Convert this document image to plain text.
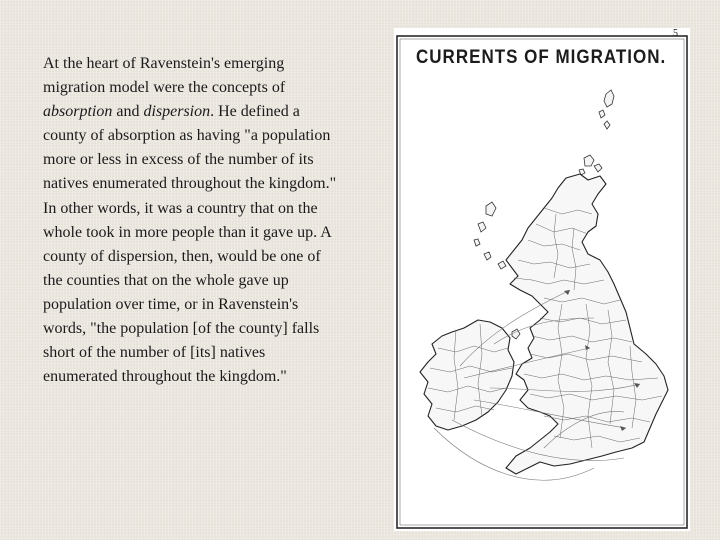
At the heart of Ravenstein's emerging migration model were the concepts of absorption and dispersion. He defined a county of absorption as having "a population more or less in excess of the number of its natives enumerated throughout the kingdom." In other words, it was a country that on the whole took in more people than it gave up. A county of dispersion, then, would be one of the counties that on the whole gave up population over time, or in Ravenstein's words, "the population [of the county] falls short of the number of [its] natives enumerated throughout the kingdom."

5
CURRENTS OF MIGRATION.
